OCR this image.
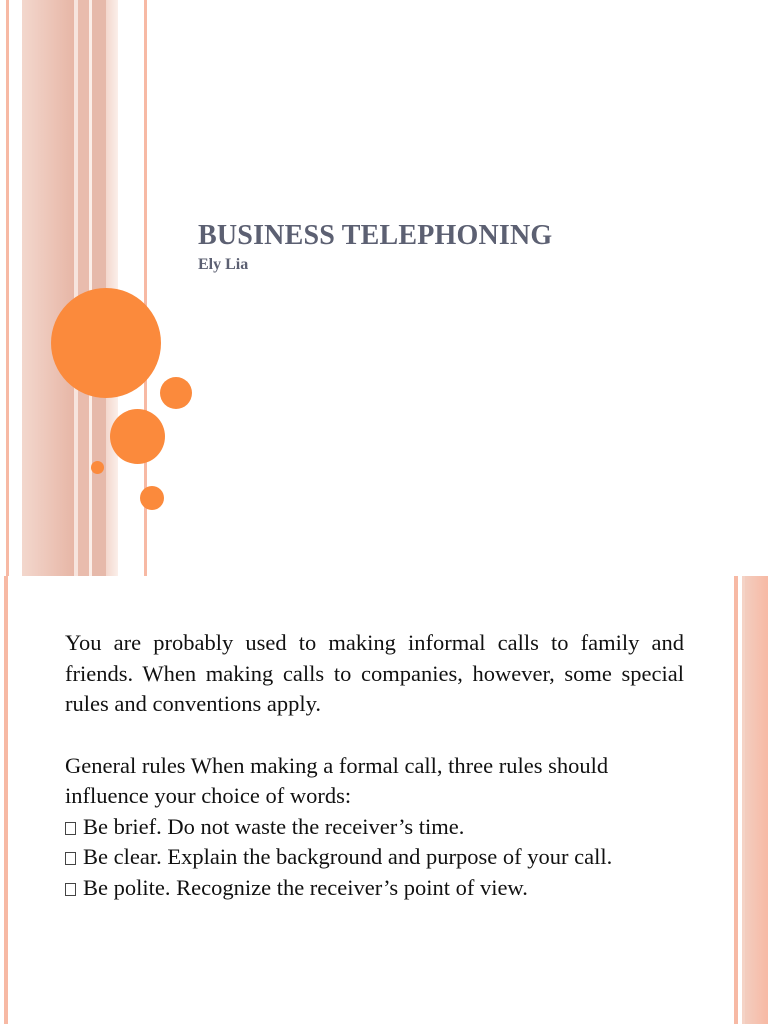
BUSINESS TELEPHONING
Ely Lia

You are probably used to making informal calls to family and friends. When making calls to companies, however, some special rules and conventions apply.

General rules When making a formal call, three rules should influence your choice of words:

Be brief. Do not waste the receiver’s time.

Be clear. Explain the background and purpose of your call.

Be polite. Recognize the receiver’s point of view.
